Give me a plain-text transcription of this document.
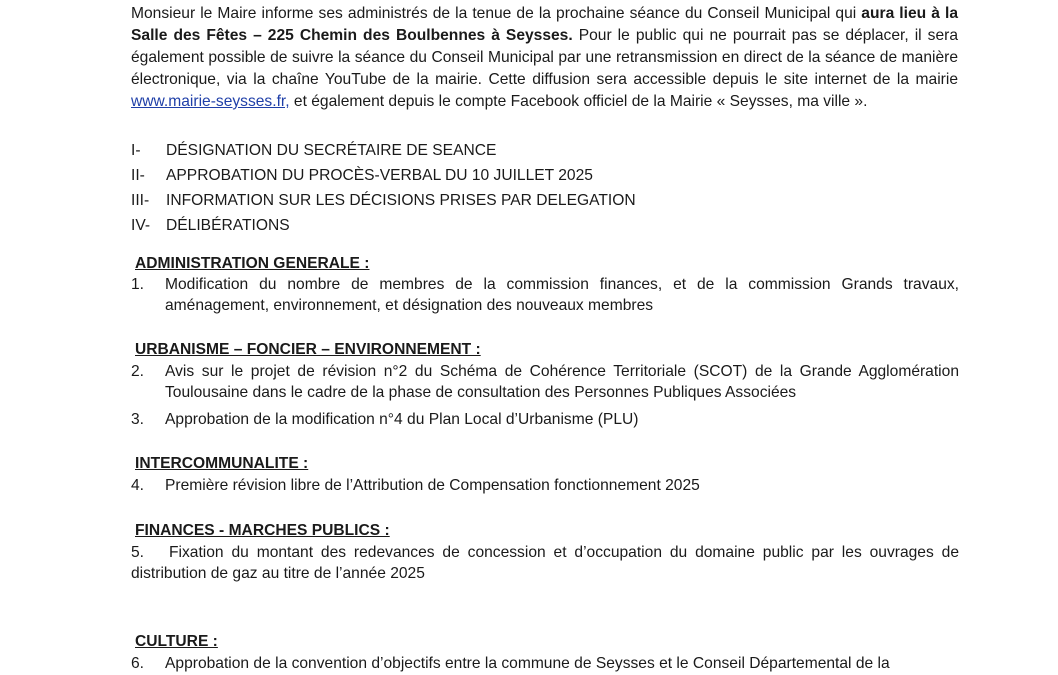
Monsieur le Maire informe ses administrés de la tenue de la prochaine séance du Conseil Municipal qui aura lieu à la Salle des Fêtes – 225 Chemin des Boulbennes à Seysses. Pour le public qui ne pourrait pas se déplacer, il sera également possible de suivre la séance du Conseil Municipal par une retransmission en direct de la séance de manière électronique, via la chaîne YouTube de la mairie. Cette diffusion sera accessible depuis le site internet de la mairie www.mairie-seysses.fr, et également depuis le compte Facebook officiel de la Mairie « Seysses, ma ville ».
I-	DÉSIGNATION DU SECRÉTAIRE DE SEANCE
II-	APPROBATION DU PROCÈS-VERBAL DU 10 JUILLET 2025
III-	INFORMATION SUR LES DÉCISIONS PRISES PAR DELEGATION
IV-	DÉLIBÉRATIONS
ADMINISTRATION GENERALE :
1. Modification du nombre de membres de la commission finances, et de la commission Grands travaux, aménagement, environnement, et désignation des nouveaux membres
URBANISME – FONCIER – ENVIRONNEMENT :
2. Avis sur le projet de révision n°2 du Schéma de Cohérence Territoriale (SCOT) de la Grande Agglomération Toulousaine dans le cadre de la phase de consultation des Personnes Publiques Associées
3. Approbation de la modification n°4 du Plan Local d’Urbanisme (PLU)
INTERCOMMUNALITE :
4. Première révision libre de l’Attribution de Compensation fonctionnement 2025
FINANCES - MARCHES PUBLICS :
5.	Fixation du montant des redevances de concession et d’occupation du domaine public par les ouvrages de distribution de gaz au titre de l’année 2025
CULTURE :
6. Approbation de la convention d’objectifs entre la commune de Seysses et le Conseil Départemental de la
